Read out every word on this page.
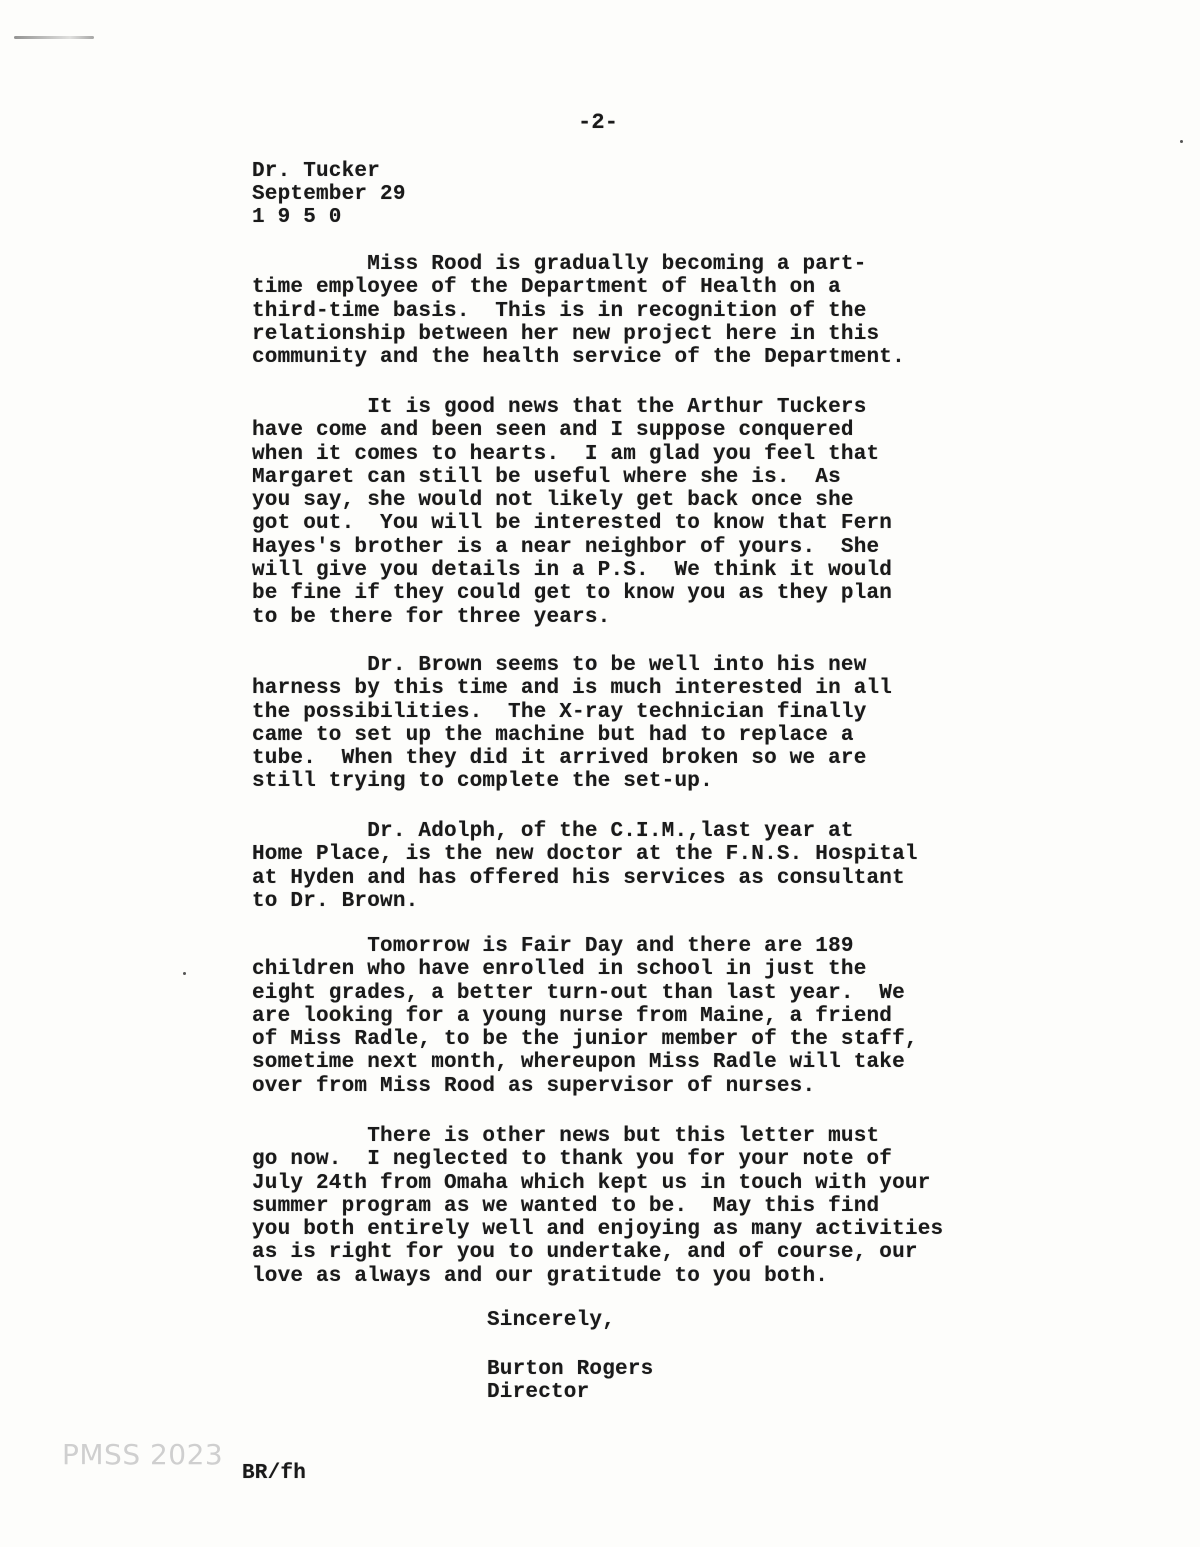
-2-
Dr. Tucker
September 29
1 9 5 0
Miss Rood is gradually becoming a part-
time employee of the Department of Health on a
third-time basis.  This is in recognition of the
relationship between her new project here in this
community and the health service of the Department.
It is good news that the Arthur Tuckers
have come and been seen and I suppose conquered
when it comes to hearts.  I am glad you feel that
Margaret can still be useful where she is.  As
you say, she would not likely get back once she
got out.  You will be interested to know that Fern
Hayes's brother is a near neighbor of yours.  She
will give you details in a P.S.  We think it would
be fine if they could get to know you as they plan
to be there for three years.
Dr. Brown seems to be well into his new
harness by this time and is much interested in all
the possibilities.  The X-ray technician finally
came to set up the machine but had to replace a
tube.  When they did it arrived broken so we are
still trying to complete the set-up.
Dr. Adolph, of the C.I.M.,last year at
Home Place, is the new doctor at the F.N.S. Hospital
at Hyden and has offered his services as consultant
to Dr. Brown.
Tomorrow is Fair Day and there are 189
children who have enrolled in school in just the
eight grades, a better turn-out than last year.  We
are looking for a young nurse from Maine, a friend
of Miss Radle, to be the junior member of the staff,
sometime next month, whereupon Miss Radle will take
over from Miss Rood as supervisor of nurses.
There is other news but this letter must
go now.  I neglected to thank you for your note of
July 24th from Omaha which kept us in touch with your
summer program as we wanted to be.  May this find
you both entirely well and enjoying as many activities
as is right for you to undertake, and of course, our
love as always and our gratitude to you both.
Sincerely,
Burton Rogers
Director
PMSS 2023
BR/fh
